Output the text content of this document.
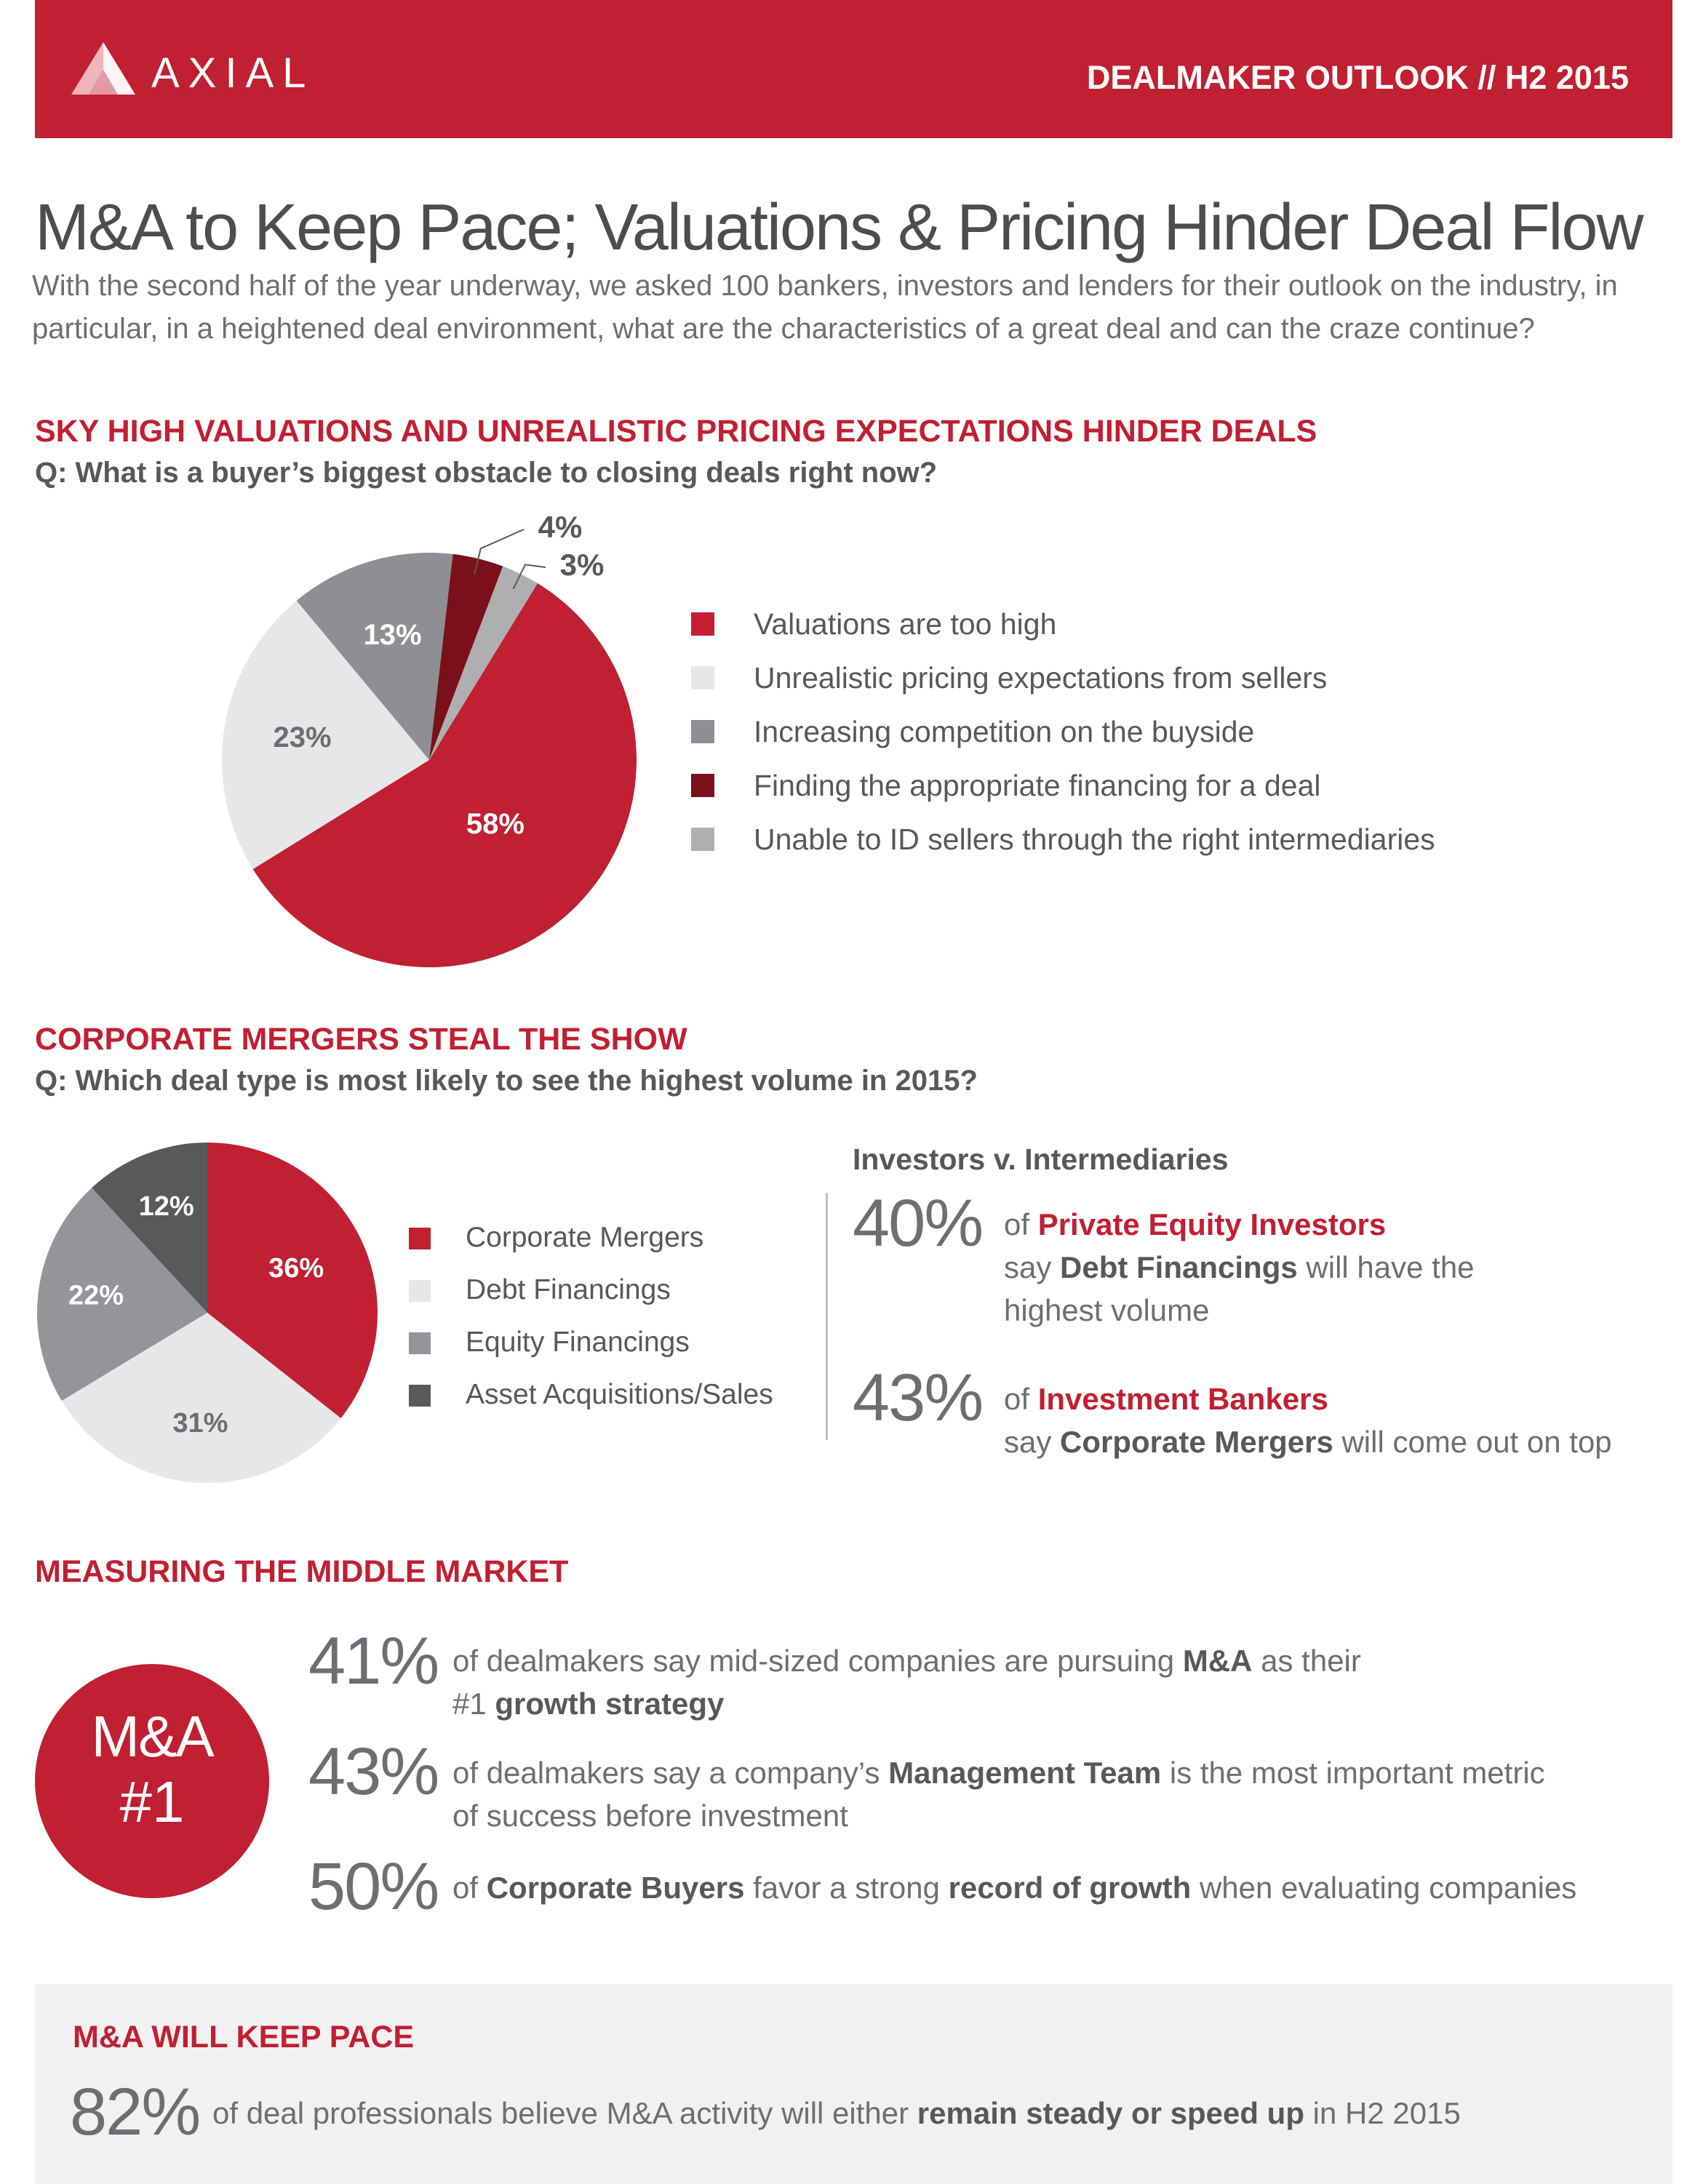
AXIAL	DEALMAKER OUTLOOK // H2 2015
M&A to Keep Pace; Valuations & Pricing Hinder Deal Flow
With the second half of the year underway, we asked 100 bankers, investors and lenders for their outlook on the industry, in particular, in a heightened deal environment, what are the characteristics of a great deal and can the craze continue?
SKY HIGH VALUATIONS AND UNREALISTIC PRICING EXPECTATIONS HINDER DEALS
Q: What is a buyer’s biggest obstacle to closing deals right now?
58%
23%
13%
4%
3%
Valuations are too high
Unrealistic pricing expectations from sellers
Increasing competition on the buyside
Finding the appropriate financing for a deal
Unable to ID sellers through the right intermediaries
CORPORATE MERGERS STEAL THE SHOW
Q: Which deal type is most likely to see the highest volume in 2015?
36%
31%
22%
12%
Corporate Mergers
Debt Financings
Equity Financings
Asset Acquisitions/Sales
Investors v. Intermediaries
40% of Private Equity Investors
say Debt Financings will have the
highest volume
43% of Investment Bankers
say Corporate Mergers will come out on top
MEASURING THE MIDDLE MARKET
M&A
#1
41% of dealmakers say mid-sized companies are pursuing M&A as their
#1 growth strategy
43% of dealmakers say a company’s Management Team is the most important metric
of success before investment
50% of Corporate Buyers favor a strong record of growth when evaluating companies
M&A WILL KEEP PACE
82% of deal professionals believe M&A activity will either remain steady or speed up in H2 2015
